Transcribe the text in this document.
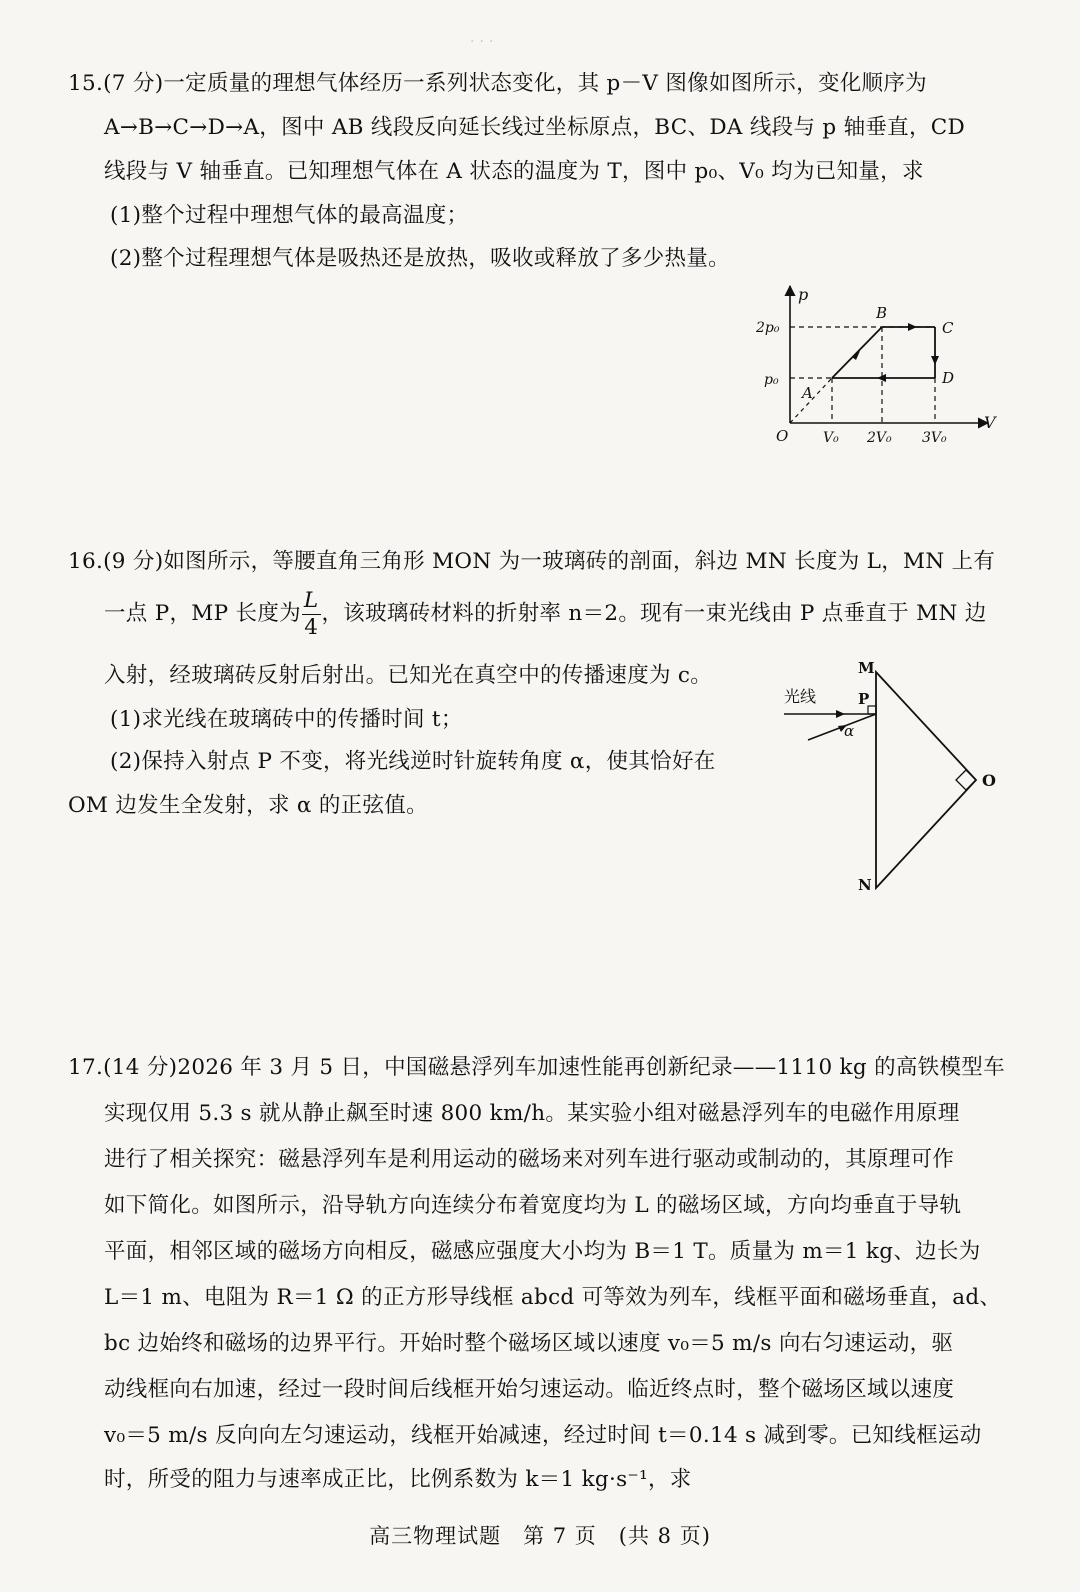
· · ·
15.(7 分)一定质量的理想气体经历一系列状态变化，其 p－V 图像如图所示，变化顺序为
A→B→C→D→A，图中 AB 线段反向延长线过坐标原点，BC、DA 线段与 p 轴垂直，CD
线段与 V 轴垂直。已知理想气体在 A 状态的温度为 T，图中 p₀、V₀ 均为已知量，求
(1)整个过程中理想气体的最高温度；
(2)整个过程理想气体是吸热还是放热，吸收或释放了多少热量。
p
V
O
2p₀
p₀
V₀ 2V₀ 3V₀
A
B
C
D
16.(9 分)如图所示，等腰直角三角形 MON 为一玻璃砖的剖面，斜边 MN 长度为 L，MN 上有
一点 P，MP 长度为 $\frac{L}{4}$ ，该玻璃砖材料的折射率 n＝2。现有一束光线由 P 点垂直于 MN 边
入射，经玻璃砖反射后射出。已知光在真空中的传播速度为 c。
(1)求光线在玻璃砖中的传播时间 t；
(2)保持入射点 P 不变，将光线逆时针旋转角度 α，使其恰好在
OM 边发生全发射，求 α 的正弦值。
M
N
O
P
光线
α
17.(14 分)2026 年 3 月 5 日，中国磁悬浮列车加速性能再创新纪录——1110 kg 的高铁模型车
实现仅用 5.3 s 就从静止飙至时速 800 km/h。某实验小组对磁悬浮列车的电磁作用原理
进行了相关探究：磁悬浮列车是利用运动的磁场来对列车进行驱动或制动的，其原理可作
如下简化。如图所示，沿导轨方向连续分布着宽度均为 L 的磁场区域，方向均垂直于导轨
平面，相邻区域的磁场方向相反，磁感应强度大小均为 B＝1 T。质量为 m＝1 kg、边长为
L＝1 m、电阻为 R＝1 Ω 的正方形导线框 abcd 可等效为列车，线框平面和磁场垂直，ad、
bc 边始终和磁场的边界平行。开始时整个磁场区域以速度 v₀＝5 m/s 向右匀速运动，驱
动线框向右加速，经过一段时间后线框开始匀速运动。临近终点时，整个磁场区域以速度
v₀＝5 m/s 反向向左匀速运动，线框开始减速，经过时间 t＝0.14 s 减到零。已知线框运动
时，所受的阻力与速率成正比，比例系数为 k＝1 kg·s⁻¹，求
高三物理试题　第 7 页　(共 8 页)
